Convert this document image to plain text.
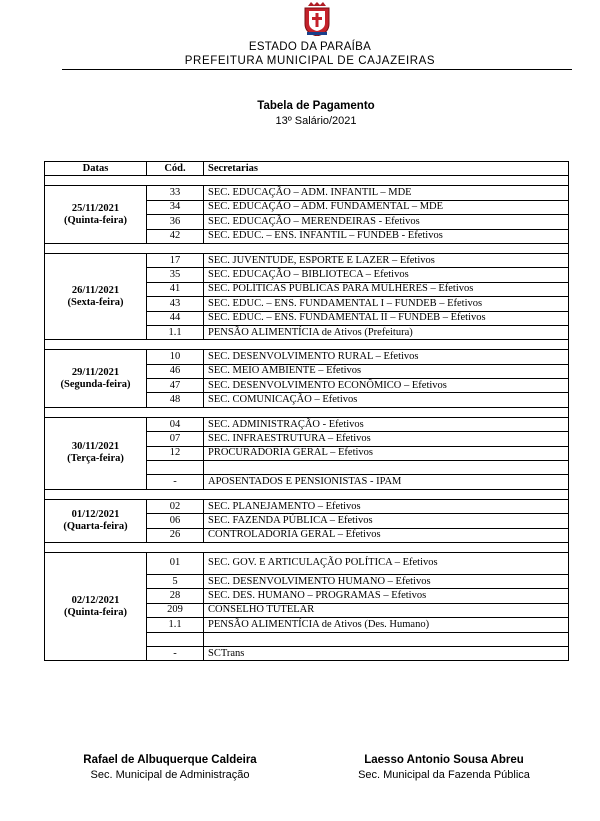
ESTADO DA PARAÍBA
PREFEITURA MUNICIPAL DE CAJAZEIRAS
Tabela de Pagamento
13º Salário/2021
Datas	Cód.	Secretarias

25/11/2021
(Quinta-feira)	33	SEC. EDUCAÇÃO – ADM. INFANTIL – MDE
	34	SEC. EDUCAÇÃO – ADM. FUNDAMENTAL – MDE
	36	SEC. EDUCAÇÃO – MERENDEIRAS - Efetivos
	42	SEC. EDUC. – ENS. INFANTIL – FUNDEB - Efetivos

26/11/2021
(Sexta-feira)	17	SEC. JUVENTUDE, ESPORTE E LAZER – Efetivos
	35	SEC. EDUCAÇÃO – BIBLIOTECA – Efetivos
	41	SEC. POLÍTICAS PÚBLICAS PARA MULHERES – Efetivos
	43	SEC. EDUC. – ENS. FUNDAMENTAL I – FUNDEB – Efetivos
	44	SEC. EDUC. – ENS. FUNDAMENTAL II – FUNDEB – Efetivos
	1.1	PENSÃO ALIMENTÍCIA de Ativos (Prefeitura)

29/11/2021
(Segunda-feira)	10	SEC. DESENVOLVIMENTO RURAL – Efetivos
	46	SEC. MEIO AMBIENTE – Efetivos
	47	SEC. DESENVOLVIMENTO ECONÔMICO – Efetivos
	48	SEC. COMUNICAÇÃO – Efetivos

30/11/2021
(Terça-feira)	04	SEC. ADMINISTRAÇÃO - Efetivos
	07	SEC. INFRAESTRUTURA – Efetivos
	12	PROCURADORIA GERAL – Efetivos

	-	APOSENTADOS E PENSIONISTAS - IPAM

01/12/2021
(Quarta-feira)	02	SEC. PLANEJAMENTO – Efetivos
	06	SEC. FAZENDA PÚBLICA – Efetivos
	26	CONTROLADORIA GERAL – Efetivos

02/12/2021
(Quinta-feira)	01	SEC. GOV. E ARTICULAÇÃO POLÍTICA – Efetivos
	5	SEC. DESENVOLVIMENTO HUMANO – Efetivos
	28	SEC. DES. HUMANO – PROGRAMAS – Efetivos
	209	CONSELHO TUTELAR
	1.1	PENSÃO ALIMENTÍCIA de Ativos (Des. Humano)

	-	SCTrans
Rafael de Albuquerque Caldeira
Sec. Municipal de Administração
Laesso Antonio Sousa Abreu
Sec. Municipal da Fazenda Pública
